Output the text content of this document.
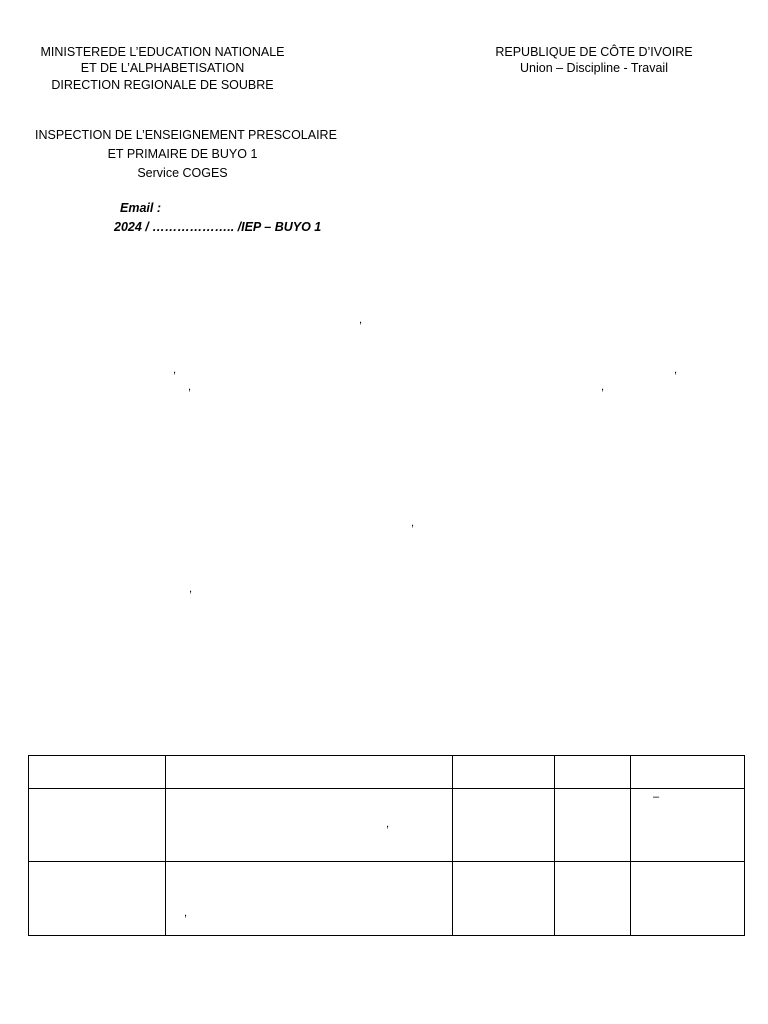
MINISTEREDE L’EDUCATION NATIONALE
ET DE L’ALPHABETISATION
DIRECTION REGIONALE DE SOUBRE
REPUBLIQUE DE CÔTE D’IVOIRE
Union – Discipline - Travail
INSPECTION DE L’ENSEIGNEMENT PRESCOLAIRE
ET PRIMAIRE DE BUYO 1
Service COGES
Email :
2024 / ……………….. /IEP – BUYO 1
,
,	,
,	,
,
,

	,			–

	,			
